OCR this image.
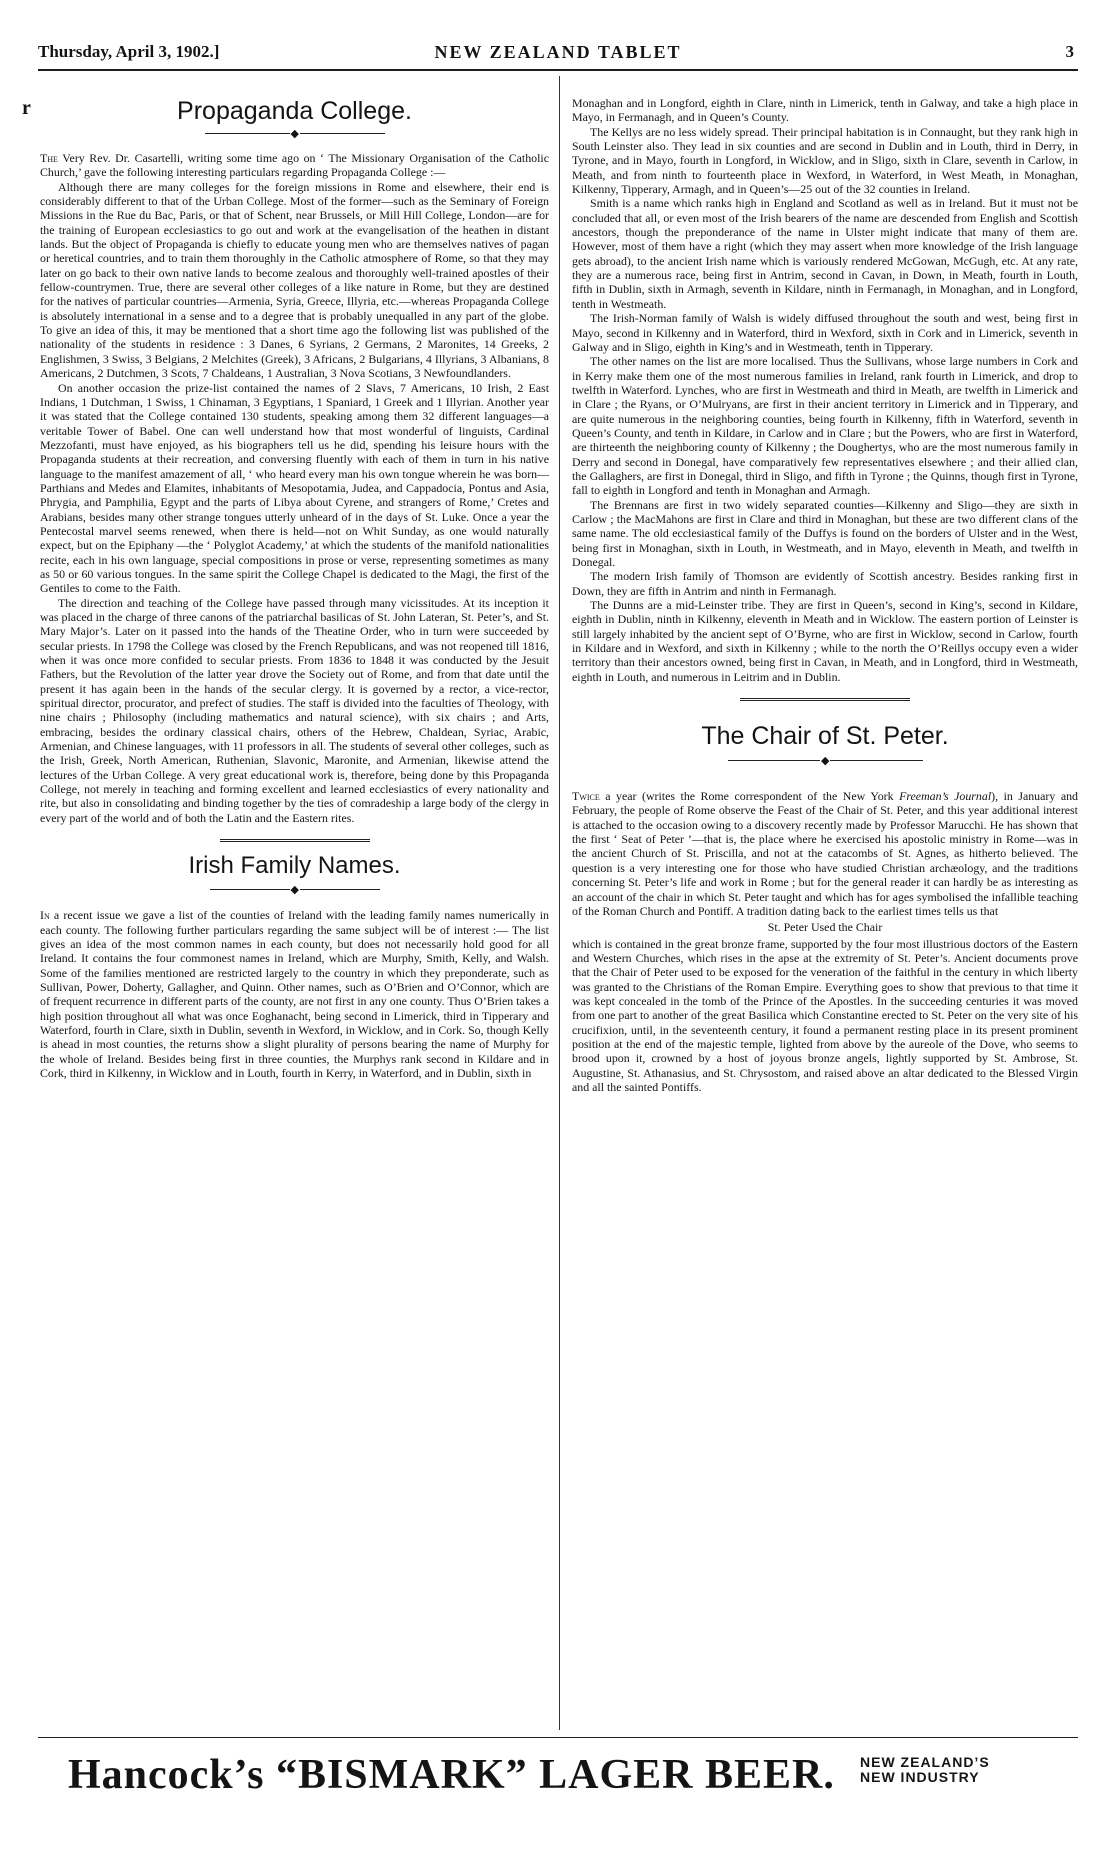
Thursday, April 3, 1902.]	NEW ZEALAND TABLET	3
r	Propaganda College.
◆

The Very Rev. Dr. Casartelli, writing some time ago on ‘ The Missionary Organisation of the Catholic Church,’ gave the following interesting particulars regarding Propaganda College :—

Although there are many colleges for the foreign missions in Rome and elsewhere, their end is considerably different to that of the Urban College. Most of the former—such as the Seminary of Foreign Missions in the Rue du Bac, Paris, or that of Schent, near Brussels, or Mill Hill College, London—are for the training of European ecclesiastics to go out and work at the evangelisation of the heathen in distant lands. But the object of Propaganda is chiefly to educate young men who are themselves natives of pagan or heretical countries, and to train them thoroughly in the Catholic atmosphere of Rome, so that they may later on go back to their own native lands to become zealous and thoroughly well-trained apostles of their fellow-countrymen. True, there are several other colleges of a like nature in Rome, but they are destined for the natives of particular countries—Armenia, Syria, Greece, Illyria, etc.—whereas Propaganda College is absolutely international in a sense and to a degree that is probably unequalled in any part of the globe. To give an idea of this, it may be mentioned that a short time ago the following list was published of the nationality of the students in residence : 3 Danes, 6 Syrians, 2 Germans, 2 Maronites, 14 Greeks, 2 Englishmen, 3 Swiss, 3 Belgians, 2 Melchites (Greek), 3 Africans, 2 Bulgarians, 4 Illyrians, 3 Albanians, 8 Americans, 2 Dutchmen, 3 Scots, 7 Chaldeans, 1 Australian, 3 Nova Scotians, 3 Newfoundlanders.

On another occasion the prize-list contained the names of 2 Slavs, 7 Americans, 10 Irish, 2 East Indians, 1 Dutchman, 1 Swiss, 1 Chinaman, 3 Egyptians, 1 Spaniard, 1 Greek and 1 Illyrian. Another year it was stated that the College contained 130 students, speaking among them 32 different languages—a veritable Tower of Babel. One can well understand how that most wonderful of linguists, Cardinal Mezzofanti, must have enjoyed, as his biographers tell us he did, spending his leisure hours with the Propaganda students at their recreation, and conversing fluently with each of them in turn in his native language to the manifest amazement of all, ‘ who heard every man his own tongue wherein he was born—Parthians and Medes and Elamites, inhabitants of Mesopotamia, Judea, and Cappadocia, Pontus and Asia, Phrygia, and Pamphilia, Egypt and the parts of Libya about Cyrene, and strangers of Rome,’ Cretes and Arabians, besides many other strange tongues utterly unheard of in the days of St. Luke. Once a year the Pentecostal marvel seems renewed, when there is held—not on Whit Sunday, as one would naturally expect, but on the Epiphany —the ‘ Polyglot Academy,’ at which the students of the manifold nationalities recite, each in his own language, special compositions in prose or verse, representing sometimes as many as 50 or 60 various tongues. In the same spirit the College Chapel is dedicated to the Magi, the first of the Gentiles to come to the Faith.

The direction and teaching of the College have passed through many vicissitudes. At its inception it was placed in the charge of three canons of the patriarchal basilicas of St. John Lateran, St. Peter’s, and St. Mary Major’s. Later on it passed into the hands of the Theatine Order, who in turn were succeeded by secular priests. In 1798 the College was closed by the French Republicans, and was not reopened till 1816, when it was once more confided to secular priests. From 1836 to 1848 it was conducted by the Jesuit Fathers, but the Revolution of the latter year drove the Society out of Rome, and from that date until the present it has again been in the hands of the secular clergy. It is governed by a rector, a vice-rector, spiritual director, procurator, and prefect of studies. The staff is divided into the faculties of Theology, with nine chairs ; Philosophy (including mathematics and natural science), with six chairs ; and Arts, embracing, besides the ordinary classical chairs, others of the Hebrew, Chaldean, Syriac, Arabic, Armenian, and Chinese languages, with 11 professors in all. The students of several other colleges, such as the Irish, Greek, North American, Ruthenian, Slavonic, Maronite, and Armenian, likewise attend the lectures of the Urban College. A very great educational work is, therefore, being done by this Propaganda College, not merely in teaching and forming excellent and learned ecclesiastics of every nationality and rite, but also in consolidating and binding together by the ties of comradeship a large body of the clergy in every part of the world and of both the Latin and the Eastern rites.

Irish Family Names.
◆

In a recent issue we gave a list of the counties of Ireland with the leading family names numerically in each county. The following further particulars regarding the same subject will be of interest :— The list gives an idea of the most common names in each county, but does not necessarily hold good for all Ireland. It contains the four commonest names in Ireland, which are Murphy, Smith, Kelly, and Walsh. Some of the families mentioned are restricted largely to the country in which they preponderate, such as Sullivan, Power, Doherty, Gallagher, and Quinn. Other names, such as O’Brien and O’Connor, which are of frequent recurrence in different parts of the county, are not first in any one county. Thus O’Brien takes a high position throughout all what was once Eoghanacht, being second in Limerick, third in Tipperary and Waterford, fourth in Clare, sixth in Dublin, seventh in Wexford, in Wicklow, and in Cork. So, though Kelly is ahead in most counties, the returns show a slight plurality of persons bearing the name of Murphy for the whole of Ireland. Besides being first in three counties, the Murphys rank second in Kildare and in Cork, third in Kilkenny, in Wicklow and in Louth, fourth in Kerry, in Waterford, and in Dublin, sixth in

Monaghan and in Longford, eighth in Clare, ninth in Limerick, tenth in Galway, and take a high place in Mayo, in Fermanagh, and in Queen’s County.

The Kellys are no less widely spread. Their principal habitation is in Connaught, but they rank high in South Leinster also. They lead in six counties and are second in Dublin and in Louth, third in Derry, in Tyrone, and in Mayo, fourth in Longford, in Wicklow, and in Sligo, sixth in Clare, seventh in Carlow, in Meath, and from ninth to fourteenth place in Wexford, in Waterford, in West Meath, in Monaghan, Kilkenny, Tipperary, Armagh, and in Queen’s—25 out of the 32 counties in Ireland.

Smith is a name which ranks high in England and Scotland as well as in Ireland. But it must not be concluded that all, or even most of the Irish bearers of the name are descended from English and Scottish ancestors, though the preponderance of the name in Ulster might indicate that many of them are. However, most of them have a right (which they may assert when more knowledge of the Irish language gets abroad), to the ancient Irish name which is variously rendered McGowan, McGugh, etc. At any rate, they are a numerous race, being first in Antrim, second in Cavan, in Down, in Meath, fourth in Louth, fifth in Dublin, sixth in Armagh, seventh in Kildare, ninth in Fermanagh, in Monaghan, and in Longford, tenth in Westmeath.

The Irish-Norman family of Walsh is widely diffused throughout the south and west, being first in Mayo, second in Kilkenny and in Waterford, third in Wexford, sixth in Cork and in Limerick, seventh in Galway and in Sligo, eighth in King’s and in Westmeath, tenth in Tipperary.

The other names on the list are more localised. Thus the Sullivans, whose large numbers in Cork and in Kerry make them one of the most numerous families in Ireland, rank fourth in Limerick, and drop to twelfth in Waterford. Lynches, who are first in Westmeath and third in Meath, are twelfth in Limerick and in Clare ; the Ryans, or O’Mulryans, are first in their ancient territory in Limerick and in Tipperary, and are quite numerous in the neighboring counties, being fourth in Kilkenny, fifth in Waterford, seventh in Queen’s County, and tenth in Kildare, in Carlow and in Clare ; but the Powers, who are first in Waterford, are thirteenth the neighboring county of Kilkenny ; the Doughertys, who are the most numerous family in Derry and second in Donegal, have comparatively few representatives elsewhere ; and their allied clan, the Gallaghers, are first in Donegal, third in Sligo, and fifth in Tyrone ; the Quinns, though first in Tyrone, fall to eighth in Longford and tenth in Monaghan and Armagh.

The Brennans are first in two widely separated counties—Kilkenny and Sligo—they are sixth in Carlow ; the MacMahons are first in Clare and third in Monaghan, but these are two different clans of the same name. The old ecclesiastical family of the Duffys is found on the borders of Ulster and in the West, being first in Monaghan, sixth in Louth, in Westmeath, and in Mayo, eleventh in Meath, and twelfth in Donegal.

The modern Irish family of Thomson are evidently of Scottish ancestry. Besides ranking first in Down, they are fifth in Antrim and ninth in Fermanagh.

The Dunns are a mid-Leinster tribe. They are first in Queen’s, second in King’s, second in Kildare, eighth in Dublin, ninth in Kilkenny, eleventh in Meath and in Wicklow. The eastern portion of Leinster is still largely inhabited by the ancient sept of O’Byrne, who are first in Wicklow, second in Carlow, fourth in Kildare and in Wexford, and sixth in Kilkenny ; while to the north the O’Reillys occupy even a wider territory than their ancestors owned, being first in Cavan, in Meath, and in Longford, third in Westmeath, eighth in Louth, and numerous in Leitrim and in Dublin.

The Chair of St. Peter.
◆

Twice a year (writes the Rome correspondent of the New York Freeman’s Journal), in January and February, the people of Rome observe the Feast of the Chair of St. Peter, and this year additional interest is attached to the occasion owing to a discovery recently made by Professor Marucchi. He has shown that the first ‘ Seat of Peter ’—that is, the place where he exercised his apostolic ministry in Rome—was in the ancient Church of St. Priscilla, and not at the catacombs of St. Agnes, as hitherto believed. The question is a very interesting one for those who have studied Christian archæology, and the traditions concerning St. Peter’s life and work in Rome ; but for the general reader it can hardly be as interesting as an account of the chair in which St. Peter taught and which has for ages symbolised the infallible teaching of the Roman Church and Pontiff. A tradition dating back to the earliest times tells us that

St. Peter Used the Chair

which is contained in the great bronze frame, supported by the four most illustrious doctors of the Eastern and Western Churches, which rises in the apse at the extremity of St. Peter’s. Ancient documents prove that the Chair of Peter used to be exposed for the veneration of the faithful in the century in which liberty was granted to the Christians of the Roman Empire. Everything goes to show that previous to that time it was kept concealed in the tomb of the Prince of the Apostles. In the succeeding centuries it was moved from one part to another of the great Basilica which Constantine erected to St. Peter on the very site of his crucifixion, until, in the seventeenth century, it found a permanent resting place in its present prominent position at the end of the majestic temple, lighted from above by the aureole of the Dove, who seems to brood upon it, crowned by a host of joyous bronze angels, lightly supported by St. Ambrose, St. Augustine, St. Athanasius, and St. Chrysostom, and raised above an altar dedicated to the Blessed Virgin and all the sainted Pontiffs.

Hancock’s “BISMARK” LAGER BEER. NEW ZEALAND’S
NEW INDUSTRY
